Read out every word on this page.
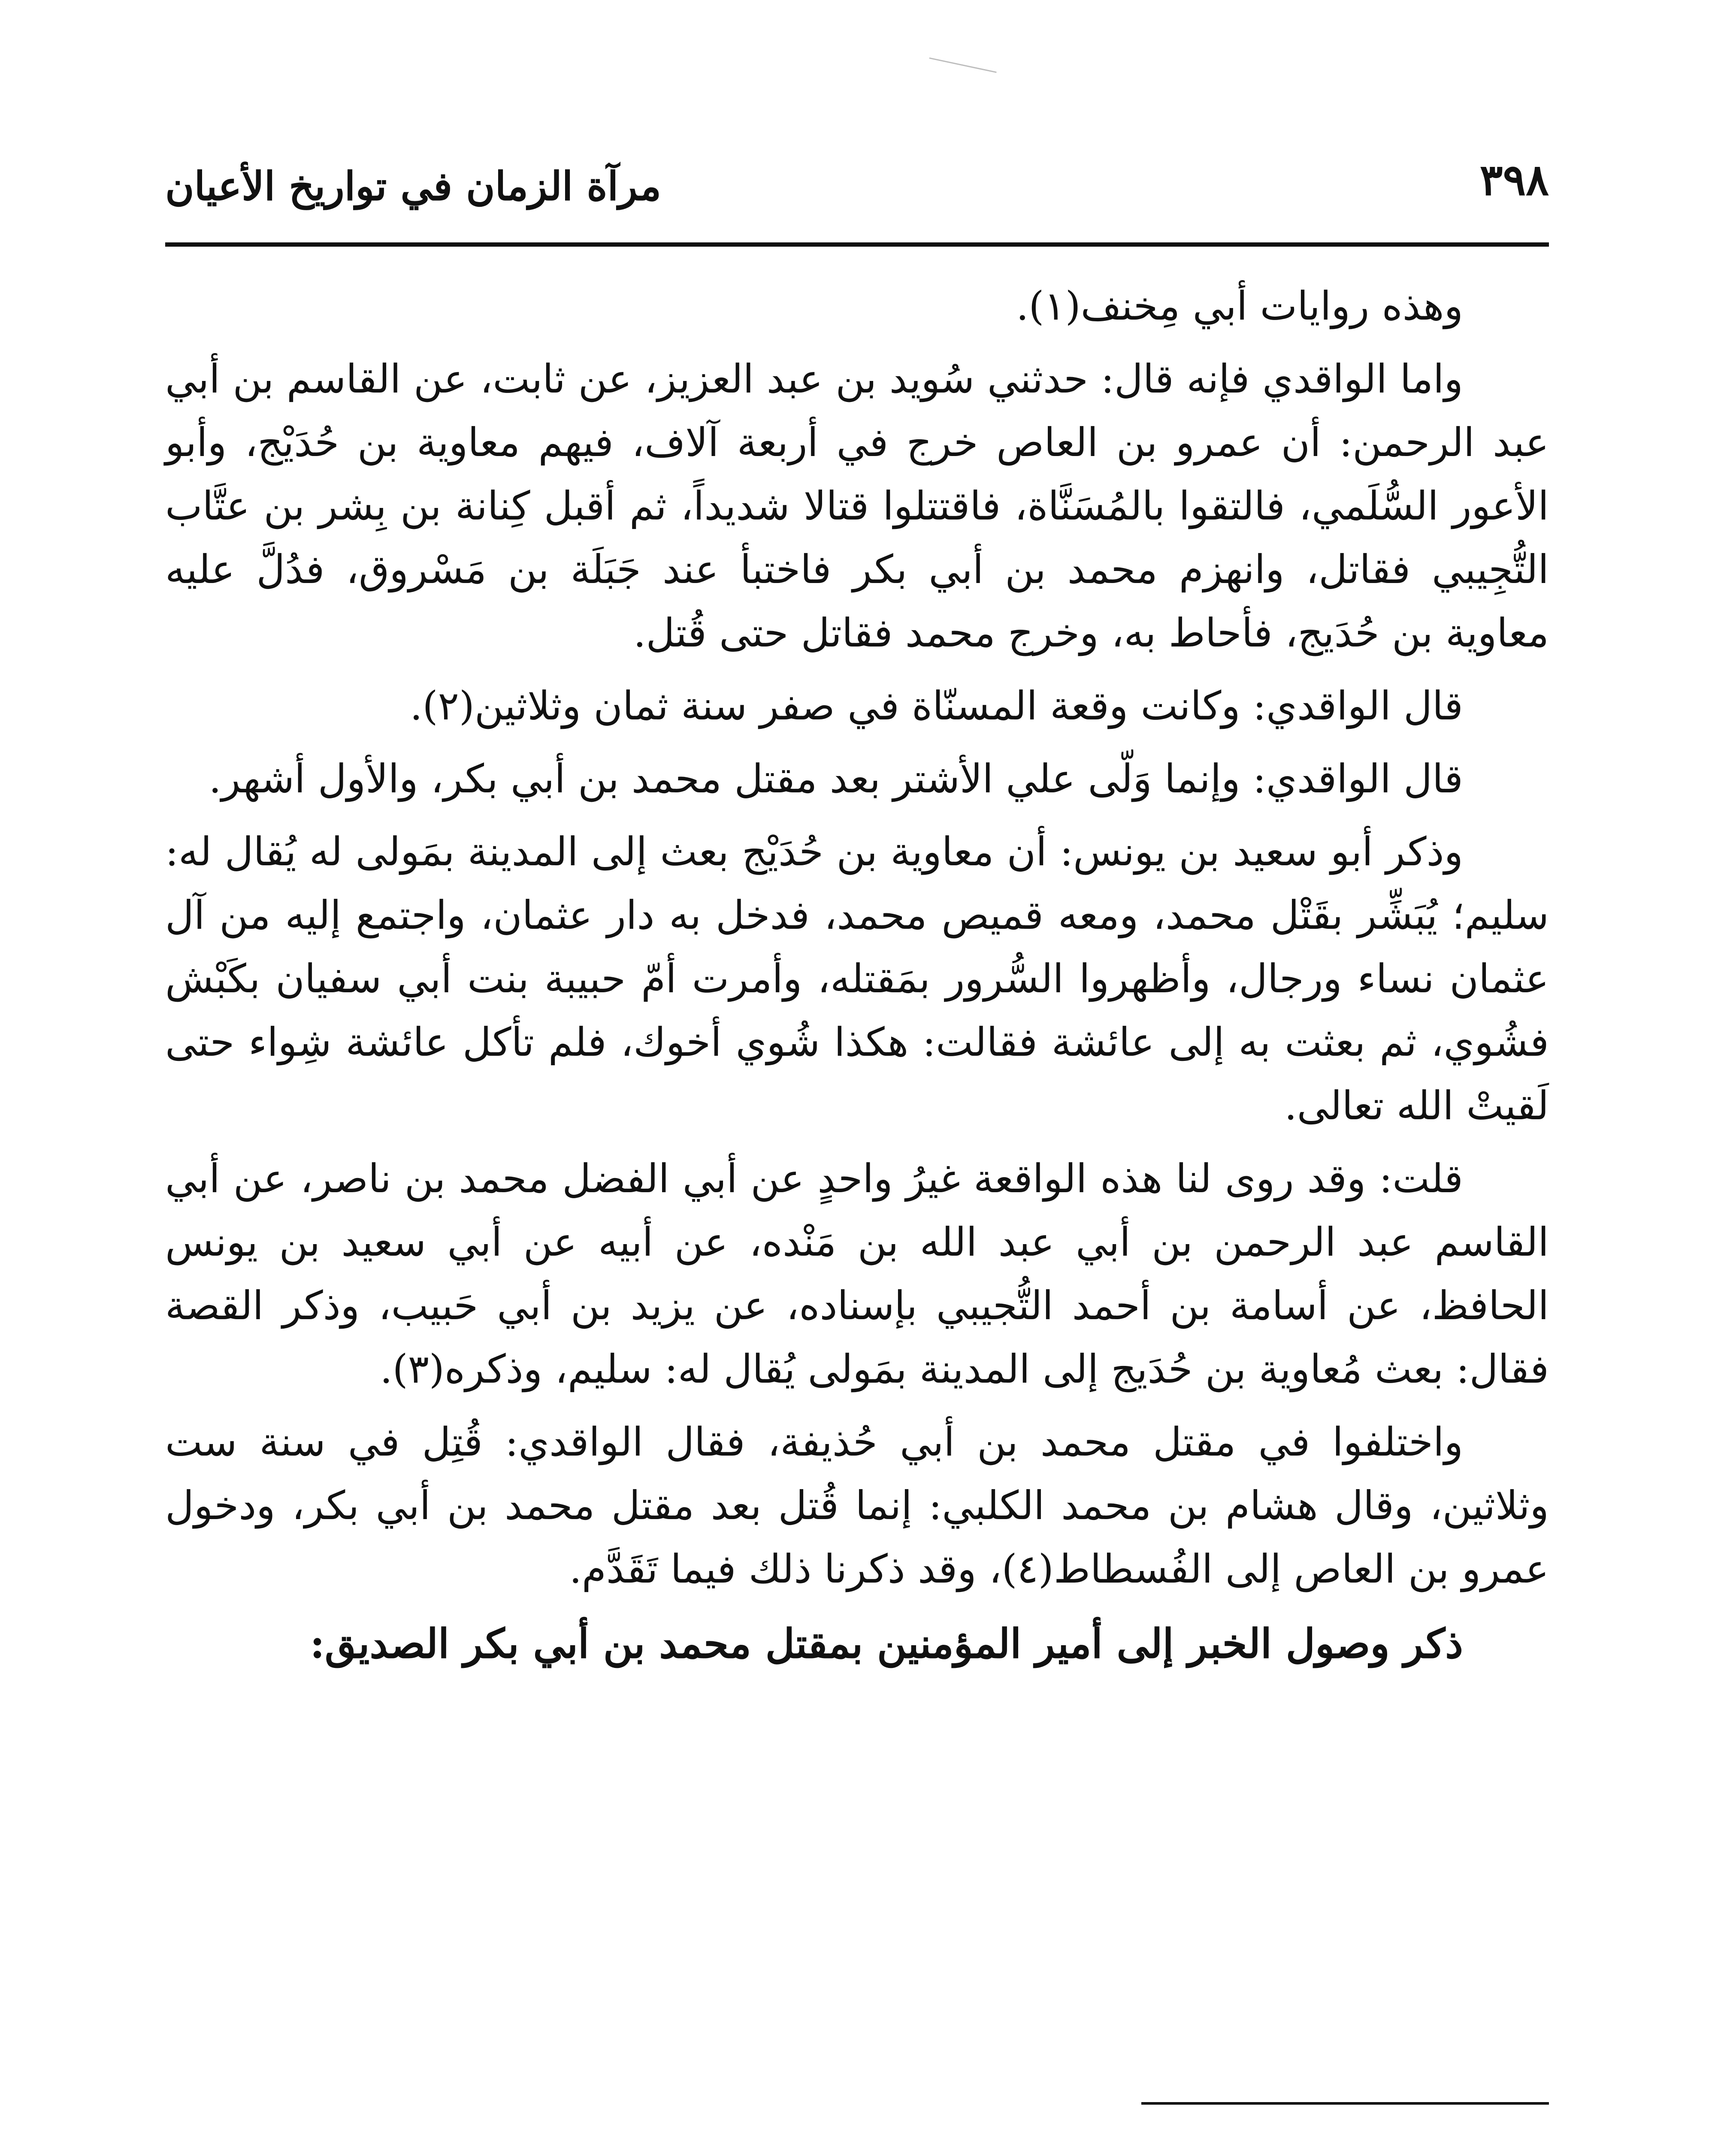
٣٩٨
مرآة الزمان في تواريخ الأعيان

وهذه روايات أبي مِخنف(١).

واما الواقدي فإنه قال: حدثني سُويد بن عبد العزيز، عن ثابت، عن القاسم بن أبي عبد الرحمن: أن عمرو بن العاص خرج في أربعة آلاف، فيهم معاوية بن حُدَيْج، وأبو الأعور السُّلَمي، فالتقوا بالمُسَنَّاة، فاقتتلوا قتالا شديداً، ثم أقبل كِنانة بن بِشر بن عتَّاب التُّجِيبي فقاتل، وانهزم محمد بن أبي بكر فاختبأ عند جَبَلَة بن مَسْروق، فدُلَّ عليه معاوية بن حُدَيج، فأحاط به، وخرج محمد فقاتل حتى قُتل.

قال الواقدي: وكانت وقعة المسنّاة في صفر سنة ثمان وثلاثين(٢).

قال الواقدي: وإنما وَلّى علي الأشتر بعد مقتل محمد بن أبي بكر، والأول أشهر.

وذكر أبو سعيد بن يونس: أن معاوية بن حُدَيْج بعث إلى المدينة بمَولى له يُقال له: سليم؛ يُبَشِّر بقَتْل محمد، ومعه قميص محمد، فدخل به دار عثمان، واجتمع إليه من آل عثمان نساء ورجال، وأظهروا السُّرور بمَقتله، وأمرت أمّ حبيبة بنت أبي سفيان بكَبْش فشُوي، ثم بعثت به إلى عائشة فقالت: هكذا شُوي أخوك، فلم تأكل عائشة شِواء حتى لَقيتْ الله تعالى.

قلت: وقد روى لنا هذه الواقعة غيرُ واحدٍ عن أبي الفضل محمد بن ناصر، عن أبي القاسم عبد الرحمن بن أبي عبد الله بن مَنْده، عن أبيه عن أبي سعيد بن يونس الحافظ، عن أسامة بن أحمد التُّجيبي بإسناده، عن يزيد بن أبي حَبيب، وذكر القصة فقال: بعث مُعاوية بن حُدَيج إلى المدينة بمَولى يُقال له: سليم، وذكره(٣).

واختلفوا في مقتل محمد بن أبي حُذيفة، فقال الواقدي: قُتِل في سنة ست وثلاثين، وقال هشام بن محمد الكلبي: إنما قُتل بعد مقتل محمد بن أبي بكر، ودخول عمرو بن العاص إلى الفُسطاط(٤)، وقد ذكرنا ذلك فيما تَقَدَّم.

ذكر وصول الخبر إلى أمير المؤمنين بمقتل محمد بن أبي بكر الصديق:
